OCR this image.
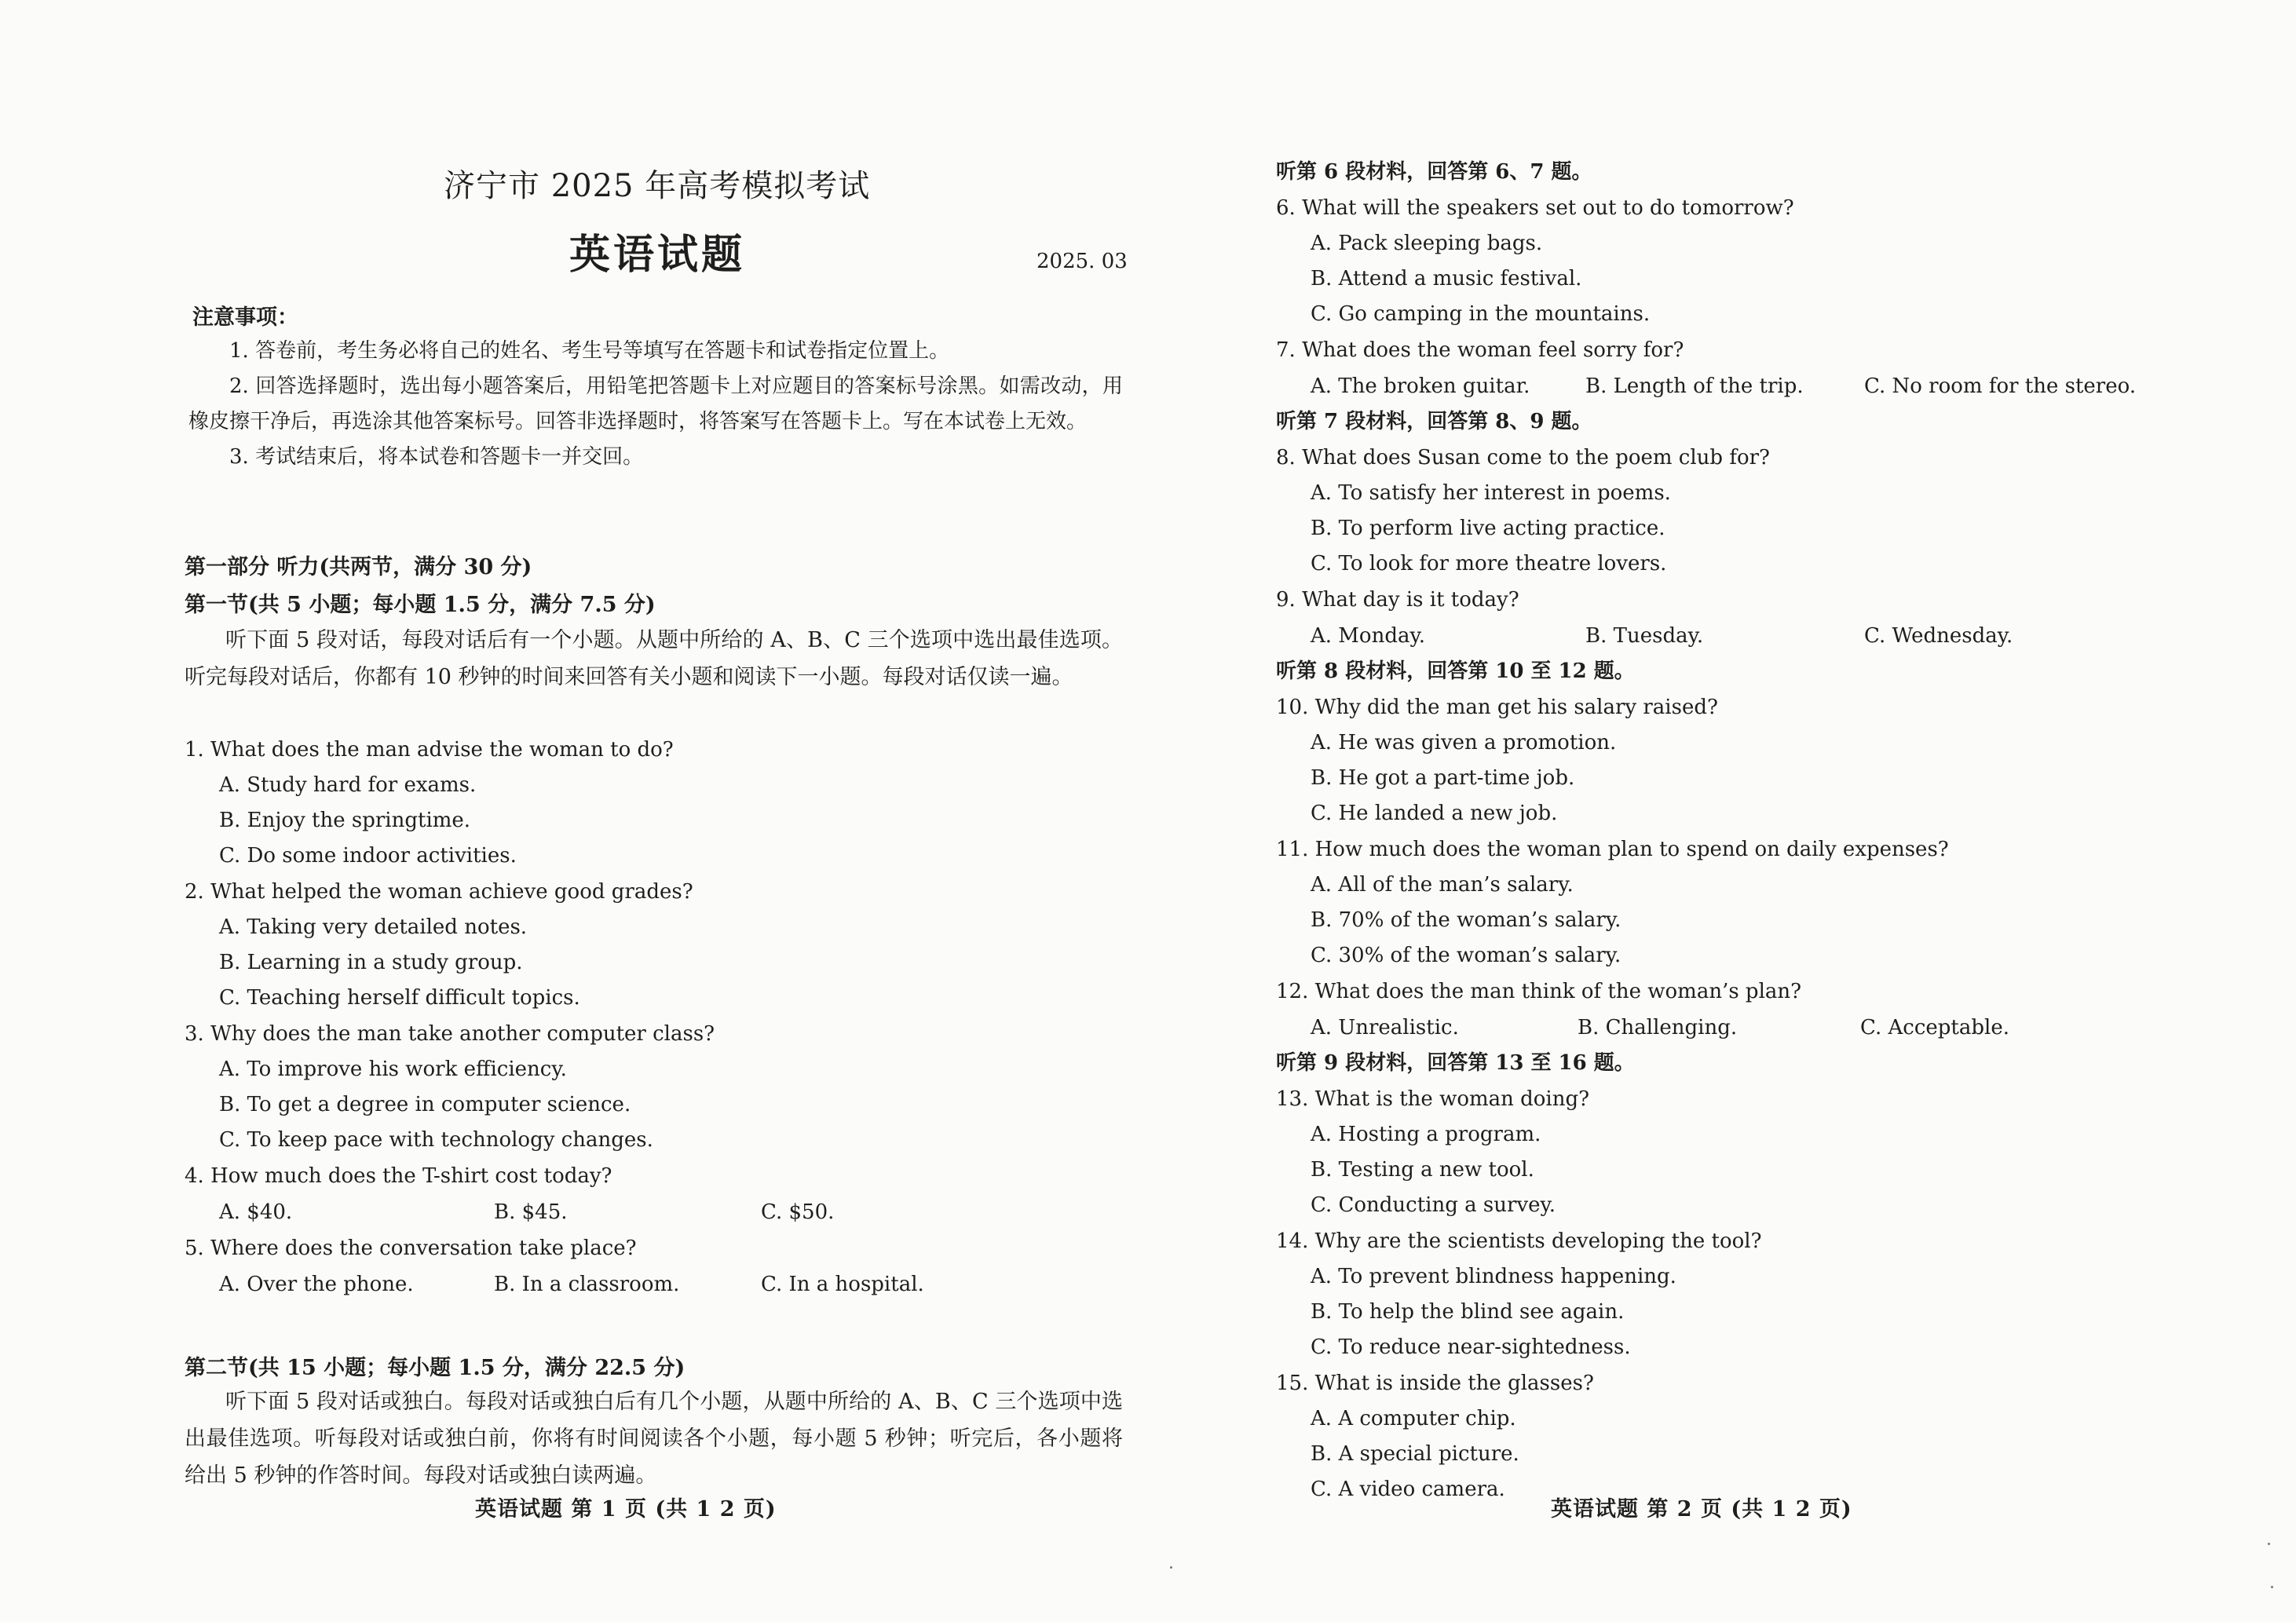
济宁市 2025 年高考模拟考试
英语试题	2025. 03
注意事项：

1. 答卷前，考生务必将自己的姓名、考生号等填写在答题卡和试卷指定位置上。

2. 回答选择题时，选出每小题答案后，用铅笔把答题卡上对应题目的答案标号涂黑。如需改动，用橡皮擦干净后，再选涂其他答案标号。回答非选择题时，将答案写在答题卡上。写在本试卷上无效。

3. 考试结束后，将本试卷和答题卡一并交回。

第一部分 听力(共两节，满分 30 分)
第一节(共 5 小题；每小题 1.5 分，满分 7.5 分)
听下面 5 段对话，每段对话后有一个小题。从题中所给的 A、B、C 三个选项中选出最佳选项。听完每段对话后，你都有 10 秒钟的时间来回答有关小题和阅读下一小题。每段对话仅读一遍。
1. What does the man advise the woman to do?
A. Study hard for exams.
B. Enjoy the springtime.
C. Do some indoor activities.
2. What helped the woman achieve good grades?
A. Taking very detailed notes.
B. Learning in a study group.
C. Teaching herself difficult topics.
3. Why does the man take another computer class?
A. To improve his work efficiency.
B. To get a degree in computer science.
C. To keep pace with technology changes.
4. How much does the T-shirt cost today?
A. $40.	B. $45.	C. $50.
5. Where does the conversation take place?
A. Over the phone.	B. In a classroom.	C. In a hospital.
第二节(共 15 小题；每小题 1.5 分，满分 22.5 分)
听下面 5 段对话或独白。每段对话或独白后有几个小题，从题中所给的 A、B、C 三个选项中选出最佳选项。听每段对话或独白前，你将有时间阅读各个小题，每小题 5 秒钟；听完后，各小题将给出 5 秒钟的作答时间。每段对话或独白读两遍。
英语试题 第 1 页 (共 1 2 页)
听第 6 段材料，回答第 6、7 题。
6. What will the speakers set out to do tomorrow?
A. Pack sleeping bags.
B. Attend a music festival.
C. Go camping in the mountains.
7. What does the woman feel sorry for?
A. The broken guitar.	B. Length of the trip.	C. No room for the stereo.
听第 7 段材料，回答第 8、9 题。
8. What does Susan come to the poem club for?
A. To satisfy her interest in poems.
B. To perform live acting practice.
C. To look for more theatre lovers.
9. What day is it today?
A. Monday.	B. Tuesday.	C. Wednesday.
听第 8 段材料，回答第 10 至 12 题。
10. Why did the man get his salary raised?
A. He was given a promotion.
B. He got a part-time job.
C. He landed a new job.
11. How much does the woman plan to spend on daily expenses?
A. All of the man’s salary.
B. 70% of the woman’s salary.
C. 30% of the woman’s salary.
12. What does the man think of the woman’s plan?
A. Unrealistic.	B. Challenging.	C. Acceptable.
听第 9 段材料，回答第 13 至 16 题。
13. What is the woman doing?
A. Hosting a program.
B. Testing a new tool.
C. Conducting a survey.
14. Why are the scientists developing the tool?
A. To prevent blindness happening.
B. To help the blind see again.
C. To reduce near-sightedness.
15. What is inside the glasses?
A. A computer chip.
B. A special picture.
C. A video camera.
英语试题 第 2 页 (共 1 2 页)
